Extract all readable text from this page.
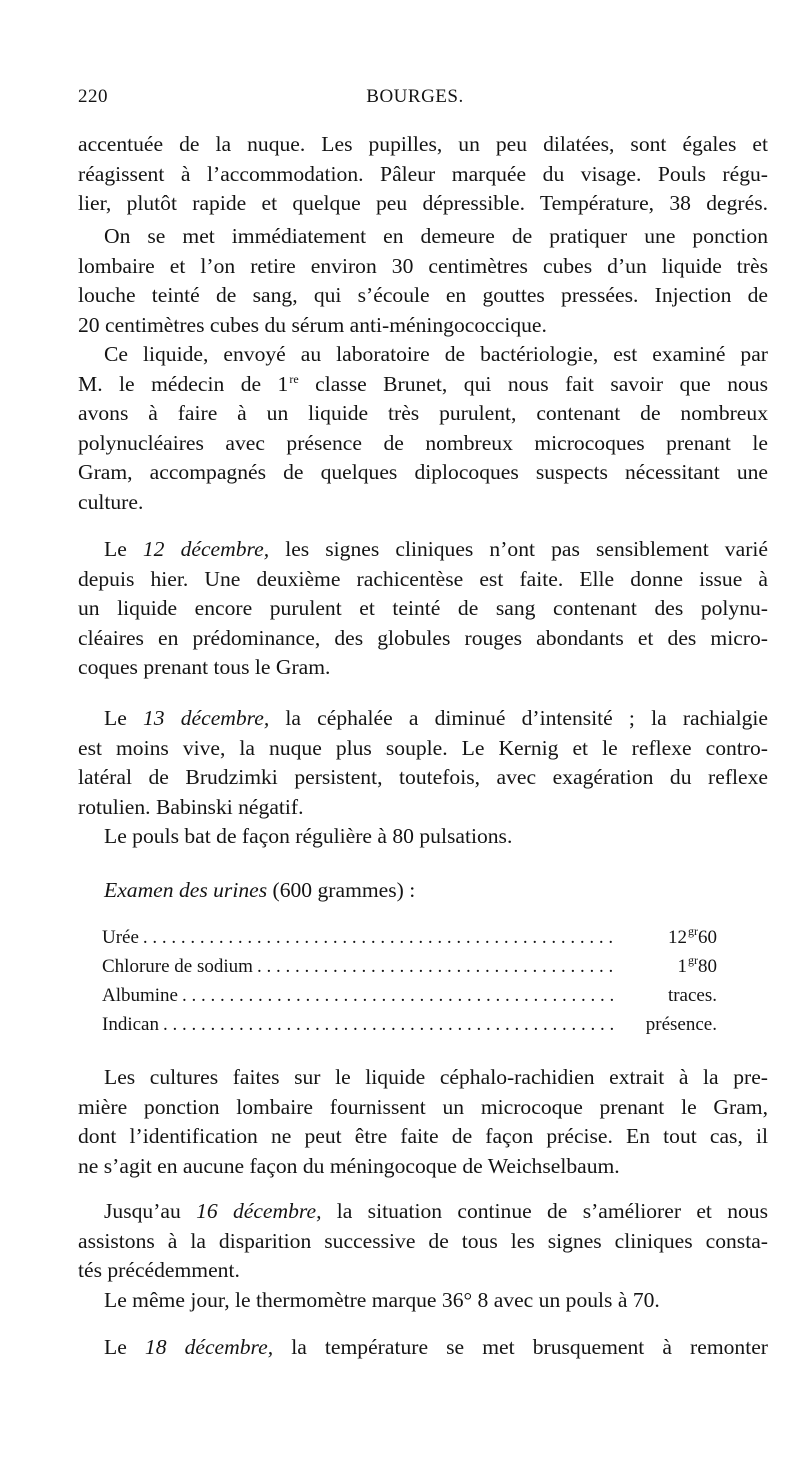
220	BOURGES.
accentuée de la nuque. Les pupilles, un peu dilatées, sont égales et
réagissent à l’accommodation. Pâleur marquée du visage. Pouls régu-
lier, plutôt rapide et quelque peu dépressible. Température, 38 degrés.
On se met immédiatement en demeure de pratiquer une ponction
lombaire et l’on retire environ 30 centimètres cubes d’un liquide très
louche teinté de sang, qui s’écoule en gouttes pressées. Injection de
20 centimètres cubes du sérum anti-méningococcique.
Ce liquide, envoyé au laboratoire de bactériologie, est examiné par
M. le médecin de 1re classe Brunet, qui nous fait savoir que nous
avons à faire à un liquide très purulent, contenant de nombreux
polynucléaires avec présence de nombreux microcoques prenant le
Gram, accompagnés de quelques diplocoques suspects nécessitant une
culture.
Le 12 décembre, les signes cliniques n’ont pas sensiblement varié
depuis hier. Une deuxième rachicentèse est faite. Elle donne issue à
un liquide encore purulent et teinté de sang contenant des polynu-
cléaires en prédominance, des globules rouges abondants et des micro-
coques prenant tous le Gram.
Le 13 décembre, la céphalée a diminué d’intensité ; la rachialgie
est moins vive, la nuque plus souple. Le Kernig et le reflexe contro-
latéral de Brudzimki persistent, toutefois, avec exagération du reflexe
rotulien. Babinski négatif.
Le pouls bat de façon régulière à 80 pulsations.
Examen des urines (600 grammes) :
Urée . . .	$12^{gr}60$
Chlorure de sodium . . .	$1^{gr}80$
Albumine . . .	traces.
Indican . . .	présence.
Les cultures faites sur le liquide céphalo-rachidien extrait à la pre-
mière ponction lombaire fournissent un microcoque prenant le Gram,
dont l’identification ne peut être faite de façon précise. En tout cas, il
ne s’agit en aucune façon du méningocoque de Weichselbaum.
Jusqu’au 16 décembre, la situation continue de s’améliorer et nous
assistons à la disparition successive de tous les signes cliniques consta-
tés précédemment.
Le même jour, le thermomètre marque 36° 8 avec un pouls à 70.
Le 18 décembre, la température se met brusquement à remonter
